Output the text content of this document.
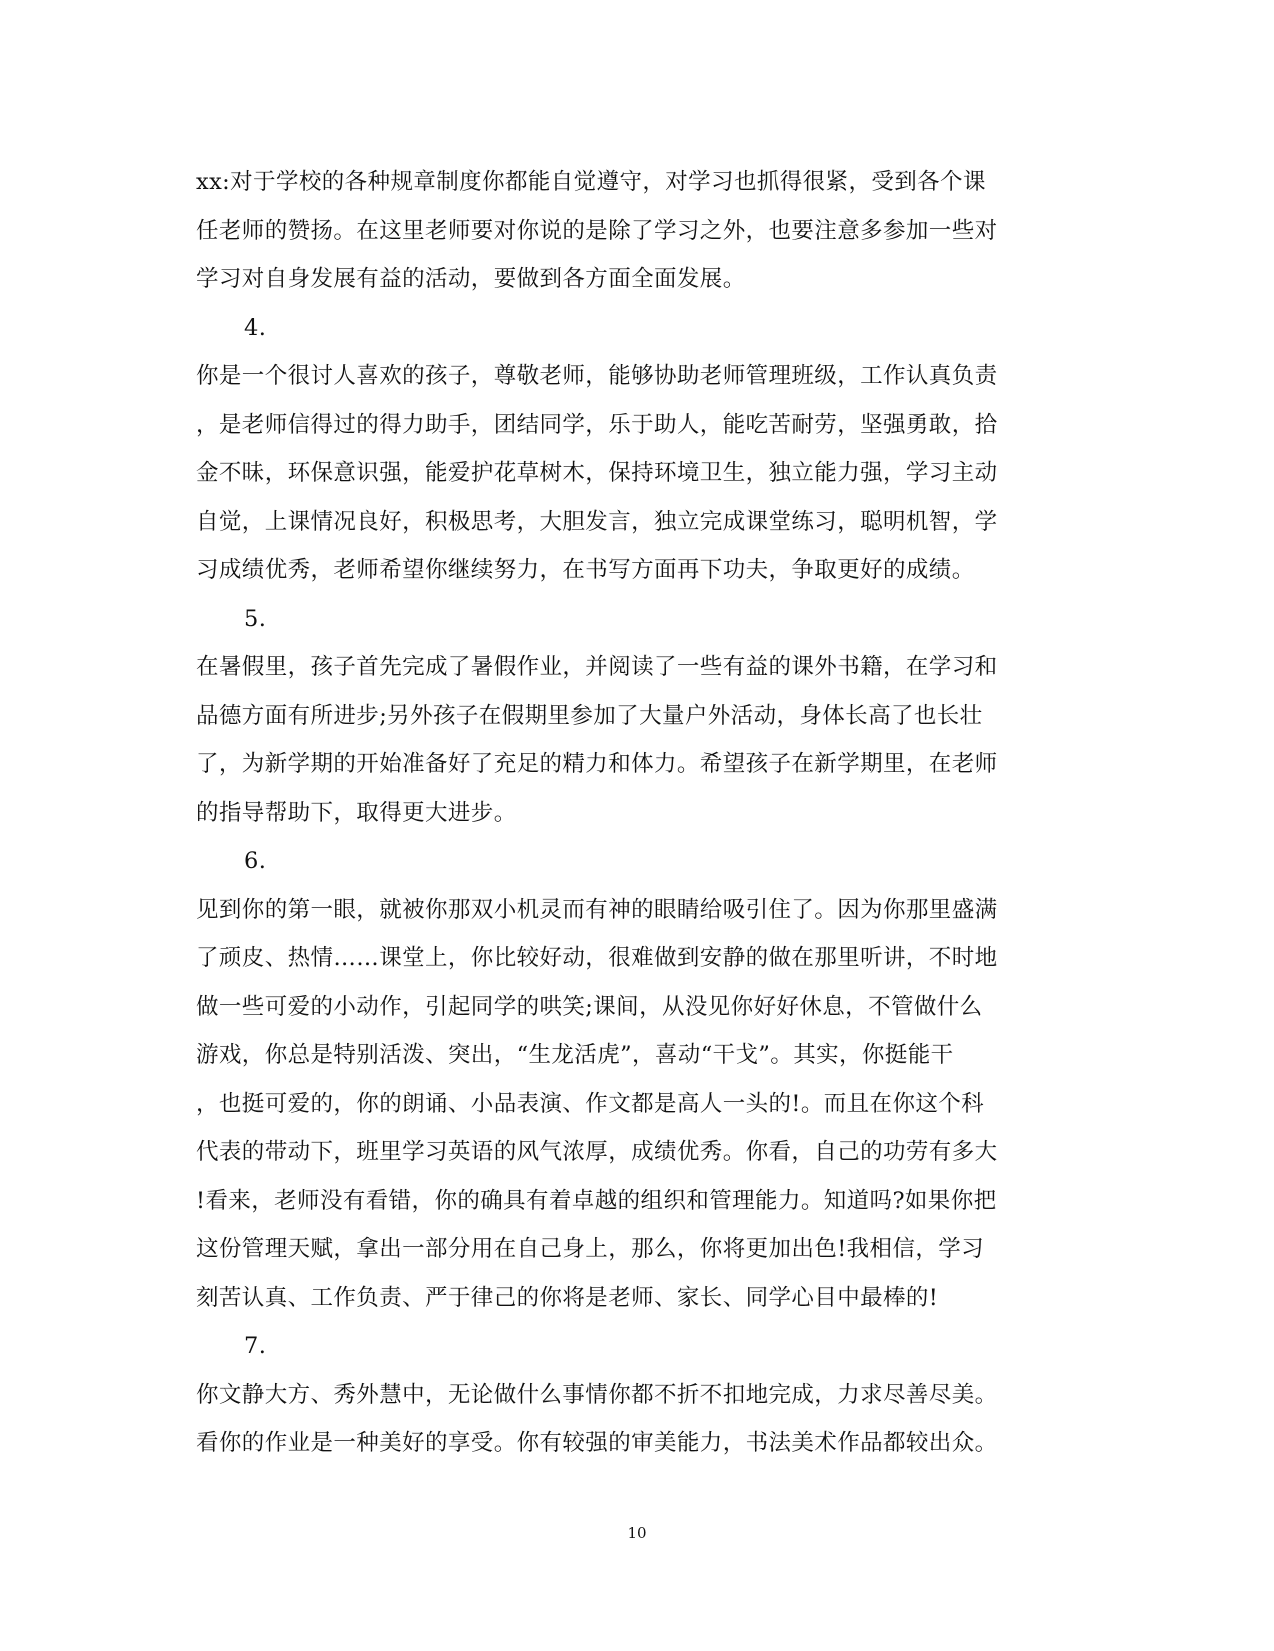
xx:对于学校的各种规章制度你都能自觉遵守，对学习也抓得很紧，受到各个课
任老师的赞扬。在这里老师要对你说的是除了学习之外，也要注意多参加一些对
学习对自身发展有益的活动，要做到各方面全面发展。
4.
你是一个很讨人喜欢的孩子，尊敬老师，能够协助老师管理班级，工作认真负责
，是老师信得过的得力助手，团结同学，乐于助人，能吃苦耐劳，坚强勇敢，拾
金不昧，环保意识强，能爱护花草树木，保持环境卫生，独立能力强，学习主动
自觉，上课情况良好，积极思考，大胆发言，独立完成课堂练习，聪明机智，学
习成绩优秀，老师希望你继续努力，在书写方面再下功夫，争取更好的成绩。
5.
在暑假里，孩子首先完成了暑假作业，并阅读了一些有益的课外书籍，在学习和
品德方面有所进步;另外孩子在假期里参加了大量户外活动，身体长高了也长壮
了，为新学期的开始准备好了充足的精力和体力。希望孩子在新学期里，在老师
的指导帮助下，取得更大进步。
6.
见到你的第一眼，就被你那双小机灵而有神的眼睛给吸引住了。因为你那里盛满
了顽皮、热情……课堂上，你比较好动，很难做到安静的做在那里听讲，不时地
做一些可爱的小动作，引起同学的哄笑;课间，从没见你好好休息，不管做什么
游戏，你总是特别活泼、突出，“生龙活虎”，喜动“干戈”。其实，你挺能干
，也挺可爱的，你的朗诵、小品表演、作文都是高人一头的!。而且在你这个科
代表的带动下，班里学习英语的风气浓厚，成绩优秀。你看，自己的功劳有多大
!看来，老师没有看错，你的确具有着卓越的组织和管理能力。知道吗?如果你把
这份管理天赋，拿出一部分用在自己身上，那么，你将更加出色!我相信，学习
刻苦认真、工作负责、严于律己的你将是老师、家长、同学心目中最棒的!
7.
你文静大方、秀外慧中，无论做什么事情你都不折不扣地完成，力求尽善尽美。
看你的作业是一种美好的享受。你有较强的审美能力，书法美术作品都较出众。
10
